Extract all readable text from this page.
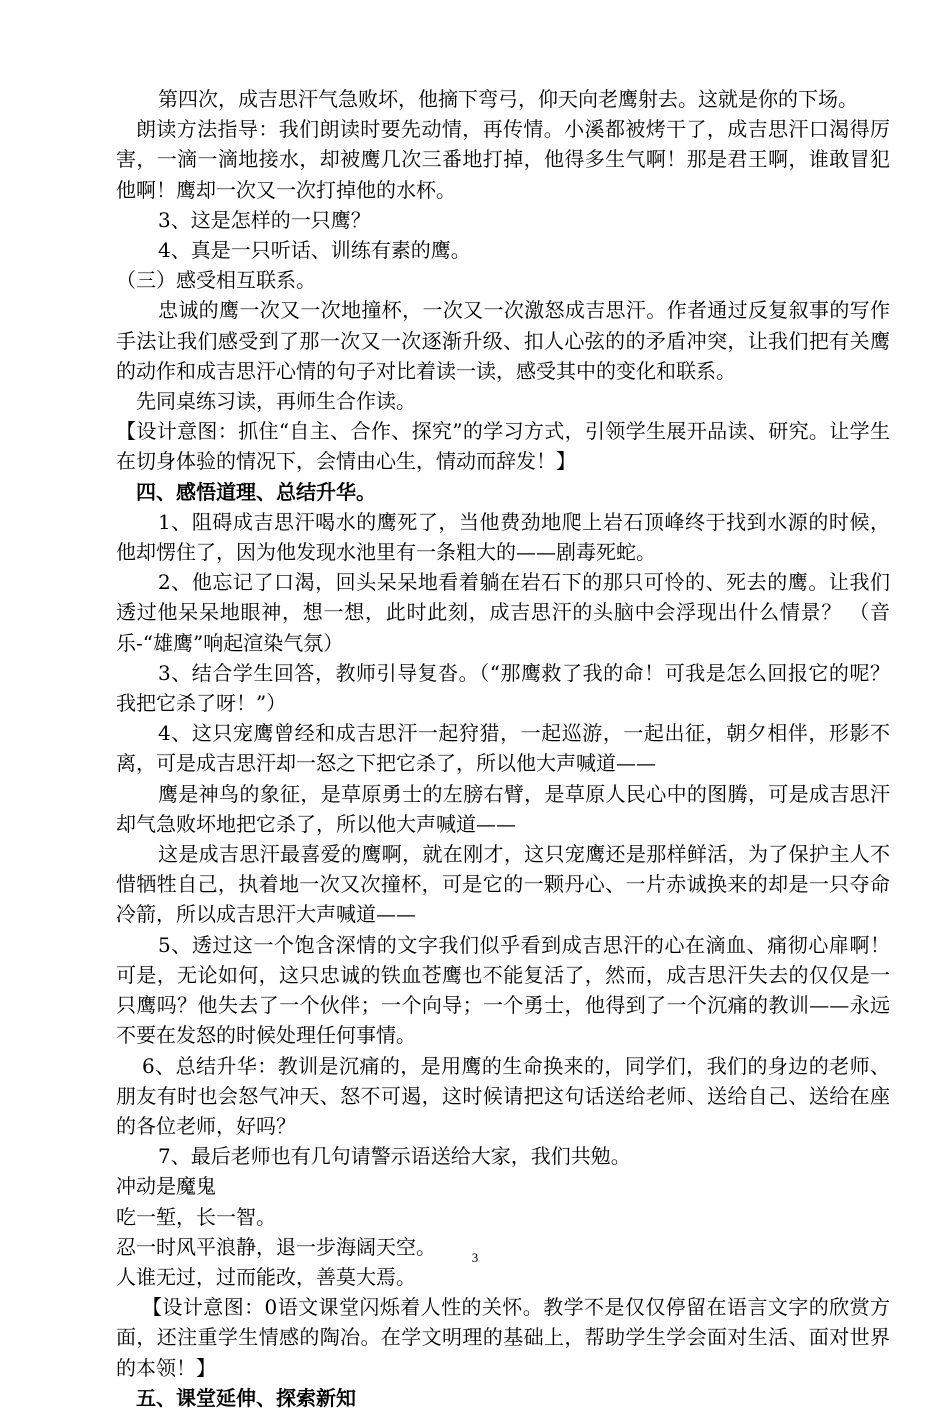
第四次，成吉思汗气急败坏，他摘下弯弓，仰天向老鹰射去。这就是你的下场。

朗读方法指导：我们朗读时要先动情，再传情。小溪都被烤干了，成吉思汗口渴得厉害，一滴一滴地接水，却被鹰几次三番地打掉，他得多生气啊！那是君王啊，谁敢冒犯他啊！鹰却一次又一次打掉他的水杯。

3、这是怎样的一只鹰？

4、真是一只听话、训练有素的鹰。

（三）感受相互联系。

忠诚的鹰一次又一次地撞杯，一次又一次激怒成吉思汗。作者通过反复叙事的写作手法让我们感受到了那一次又一次逐渐升级、扣人心弦的的矛盾冲突，让我们把有关鹰的动作和成吉思汗心情的句子对比着读一读，感受其中的变化和联系。

先同桌练习读，再师生合作读。

【设计意图：抓住“自主、合作、探究”的学习方式，引领学生展开品读、研究。让学生在切身体验的情况下，会情由心生，情动而辞发！】

四、感悟道理、总结升华。

1、阻碍成吉思汗喝水的鹰死了，当他费劲地爬上岩石顶峰终于找到水源的时候，他却愣住了，因为他发现水池里有一条粗大的——剧毒死蛇。

2、他忘记了口渴，回头呆呆地看着躺在岩石下的那只可怜的、死去的鹰。让我们透过他呆呆地眼神，想一想，此时此刻，成吉思汗的头脑中会浮现出什么情景？ （音乐-“雄鹰”响起渲染气氛）

3、结合学生回答，教师引导复沓。（“那鹰救了我的命！可我是怎么回报它的呢？我把它杀了呀！”）

4、这只宠鹰曾经和成吉思汗一起狩猎，一起巡游，一起出征，朝夕相伴，形影不离，可是成吉思汗却一怒之下把它杀了，所以他大声喊道——

鹰是神鸟的象征，是草原勇士的左膀右臂，是草原人民心中的图腾，可是成吉思汗却气急败坏地把它杀了，所以他大声喊道——

这是成吉思汗最喜爱的鹰啊，就在刚才，这只宠鹰还是那样鲜活，为了保护主人不惜牺牲自己，执着地一次又次撞杯，可是它的一颗丹心、一片赤诚换来的却是一只夺命冷箭，所以成吉思汗大声喊道——

5、透过这一个饱含深情的文字我们似乎看到成吉思汗的心在滴血、痛彻心扉啊！可是，无论如何，这只忠诚的铁血苍鹰也不能复活了，然而，成吉思汗失去的仅仅是一只鹰吗？他失去了一个伙伴；一个向导；一个勇士，他得到了一个沉痛的教训——永远不要在发怒的时候处理任何事情。

6、总结升华：教训是沉痛的，是用鹰的生命换来的，同学们，我们的身边的老师、朋友有时也会怒气冲天、怒不可遏，这时候请把这句话送给老师、送给自己、送给在座的各位老师，好吗？

7、最后老师也有几句请警示语送给大家，我们共勉。

冲动是魔鬼

吃一堑，长一智。

忍一时风平浪静，退一步海阔天空。

人谁无过，过而能改，善莫大焉。

【设计意图：0语文课堂闪烁着人性的关怀。教学不是仅仅停留在语言文字的欣赏方面，还注重学生情感的陶冶。在学文明理的基础上，帮助学生学会面对生活、面对世界的本领！】

五、课堂延伸、探索新知

3
